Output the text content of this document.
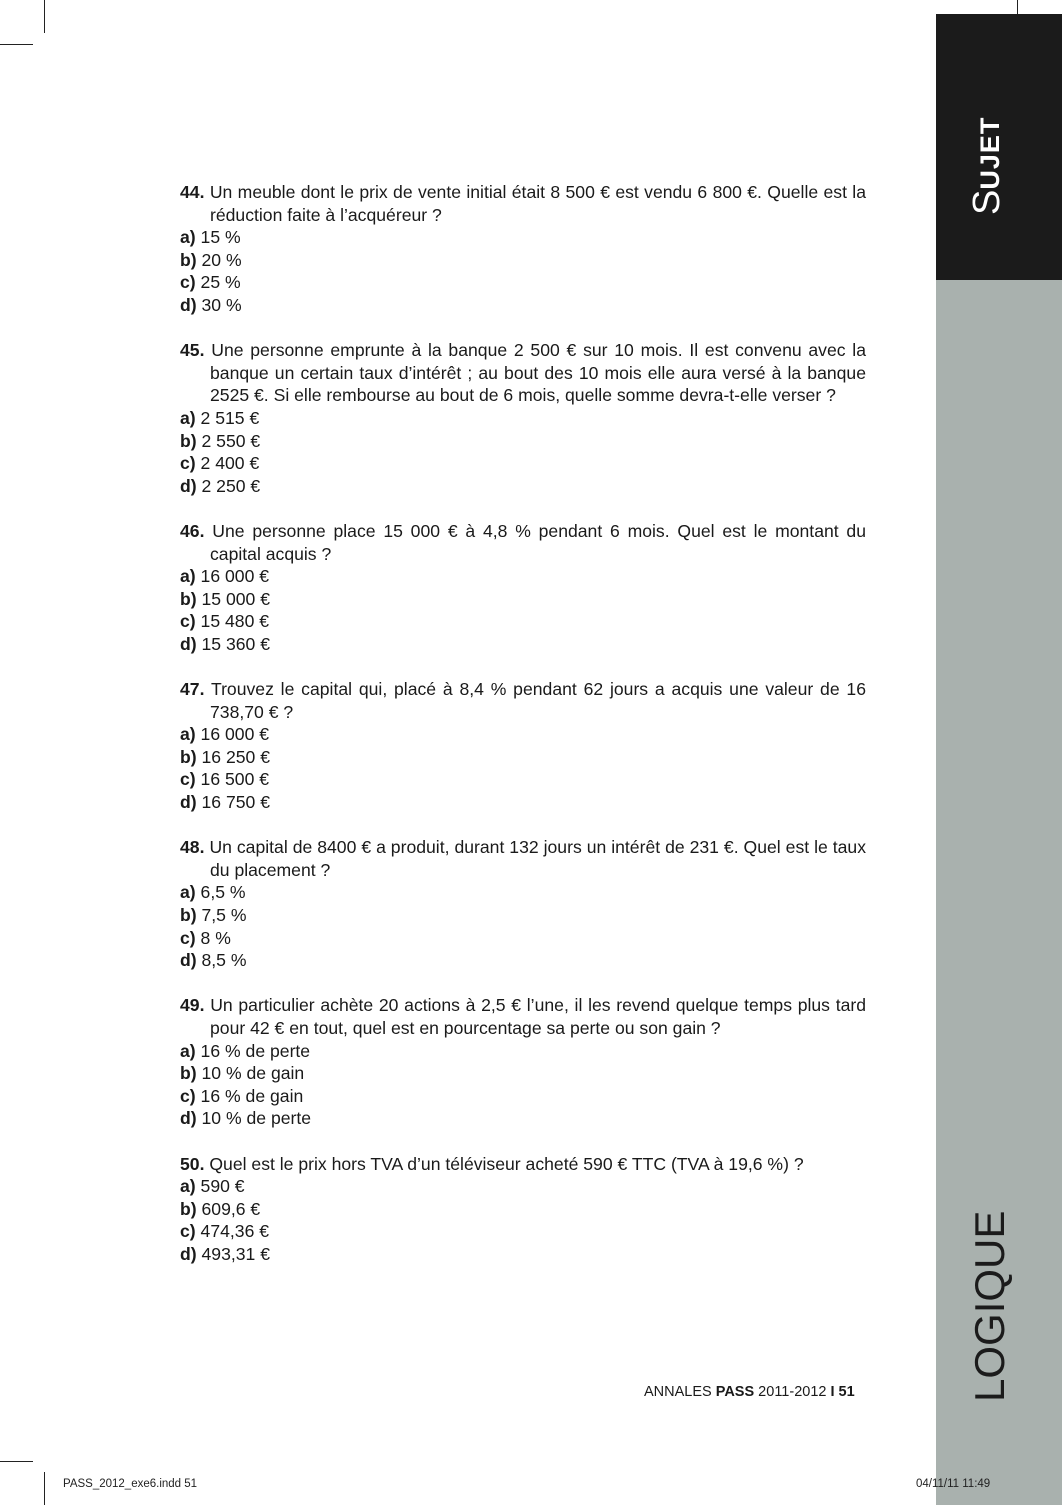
SUJET
LOGIQUE
44. Un meuble dont le prix de vente initial était 8 500 € est vendu 6 800 €. Quelle est la réduction faite à l’acquéreur ?
a) 15 %
b) 20 %
c) 25 %
d) 30 %
45. Une personne emprunte à la banque 2 500 € sur 10 mois. Il est convenu avec la banque un certain taux d’intérêt ; au bout des 10 mois elle aura versé à la banque 2525 €. Si elle rembourse au bout de 6 mois, quelle somme devra-t-elle verser ?
a) 2 515 €
b) 2 550 €
c) 2 400 €
d) 2 250 €
46. Une personne place 15 000 € à 4,8 % pendant 6 mois. Quel est le montant du capital acquis ?
a) 16 000 €
b) 15 000 €
c) 15 480 €
d) 15 360 €
47. Trouvez le capital qui, placé à 8,4 % pendant 62 jours a acquis une valeur de 16 738,70 € ?
a) 16 000 €
b) 16 250 €
c) 16 500 €
d) 16 750 €
48. Un capital de 8400 € a produit, durant 132 jours un intérêt de 231 €. Quel est le taux du placement ?
a) 6,5 %
b) 7,5 %
c) 8 %
d) 8,5 %
49. Un particulier achète 20 actions à 2,5 € l’une, il les revend quelque temps plus tard pour 42 € en tout, quel est en pourcentage sa perte ou son gain ?
a) 16 % de perte
b) 10 % de gain
c) 16 % de gain
d) 10 % de perte
50. Quel est le prix hors TVA d’un téléviseur acheté 590 € TTC (TVA à 19,6 %) ?
a) 590 €
b) 609,6 €
c) 474,36 €
d) 493,31 €
ANNALES PASS 2011-2012 I 51
PASS_2012_exe6.indd 51	04/11/11 11:49
